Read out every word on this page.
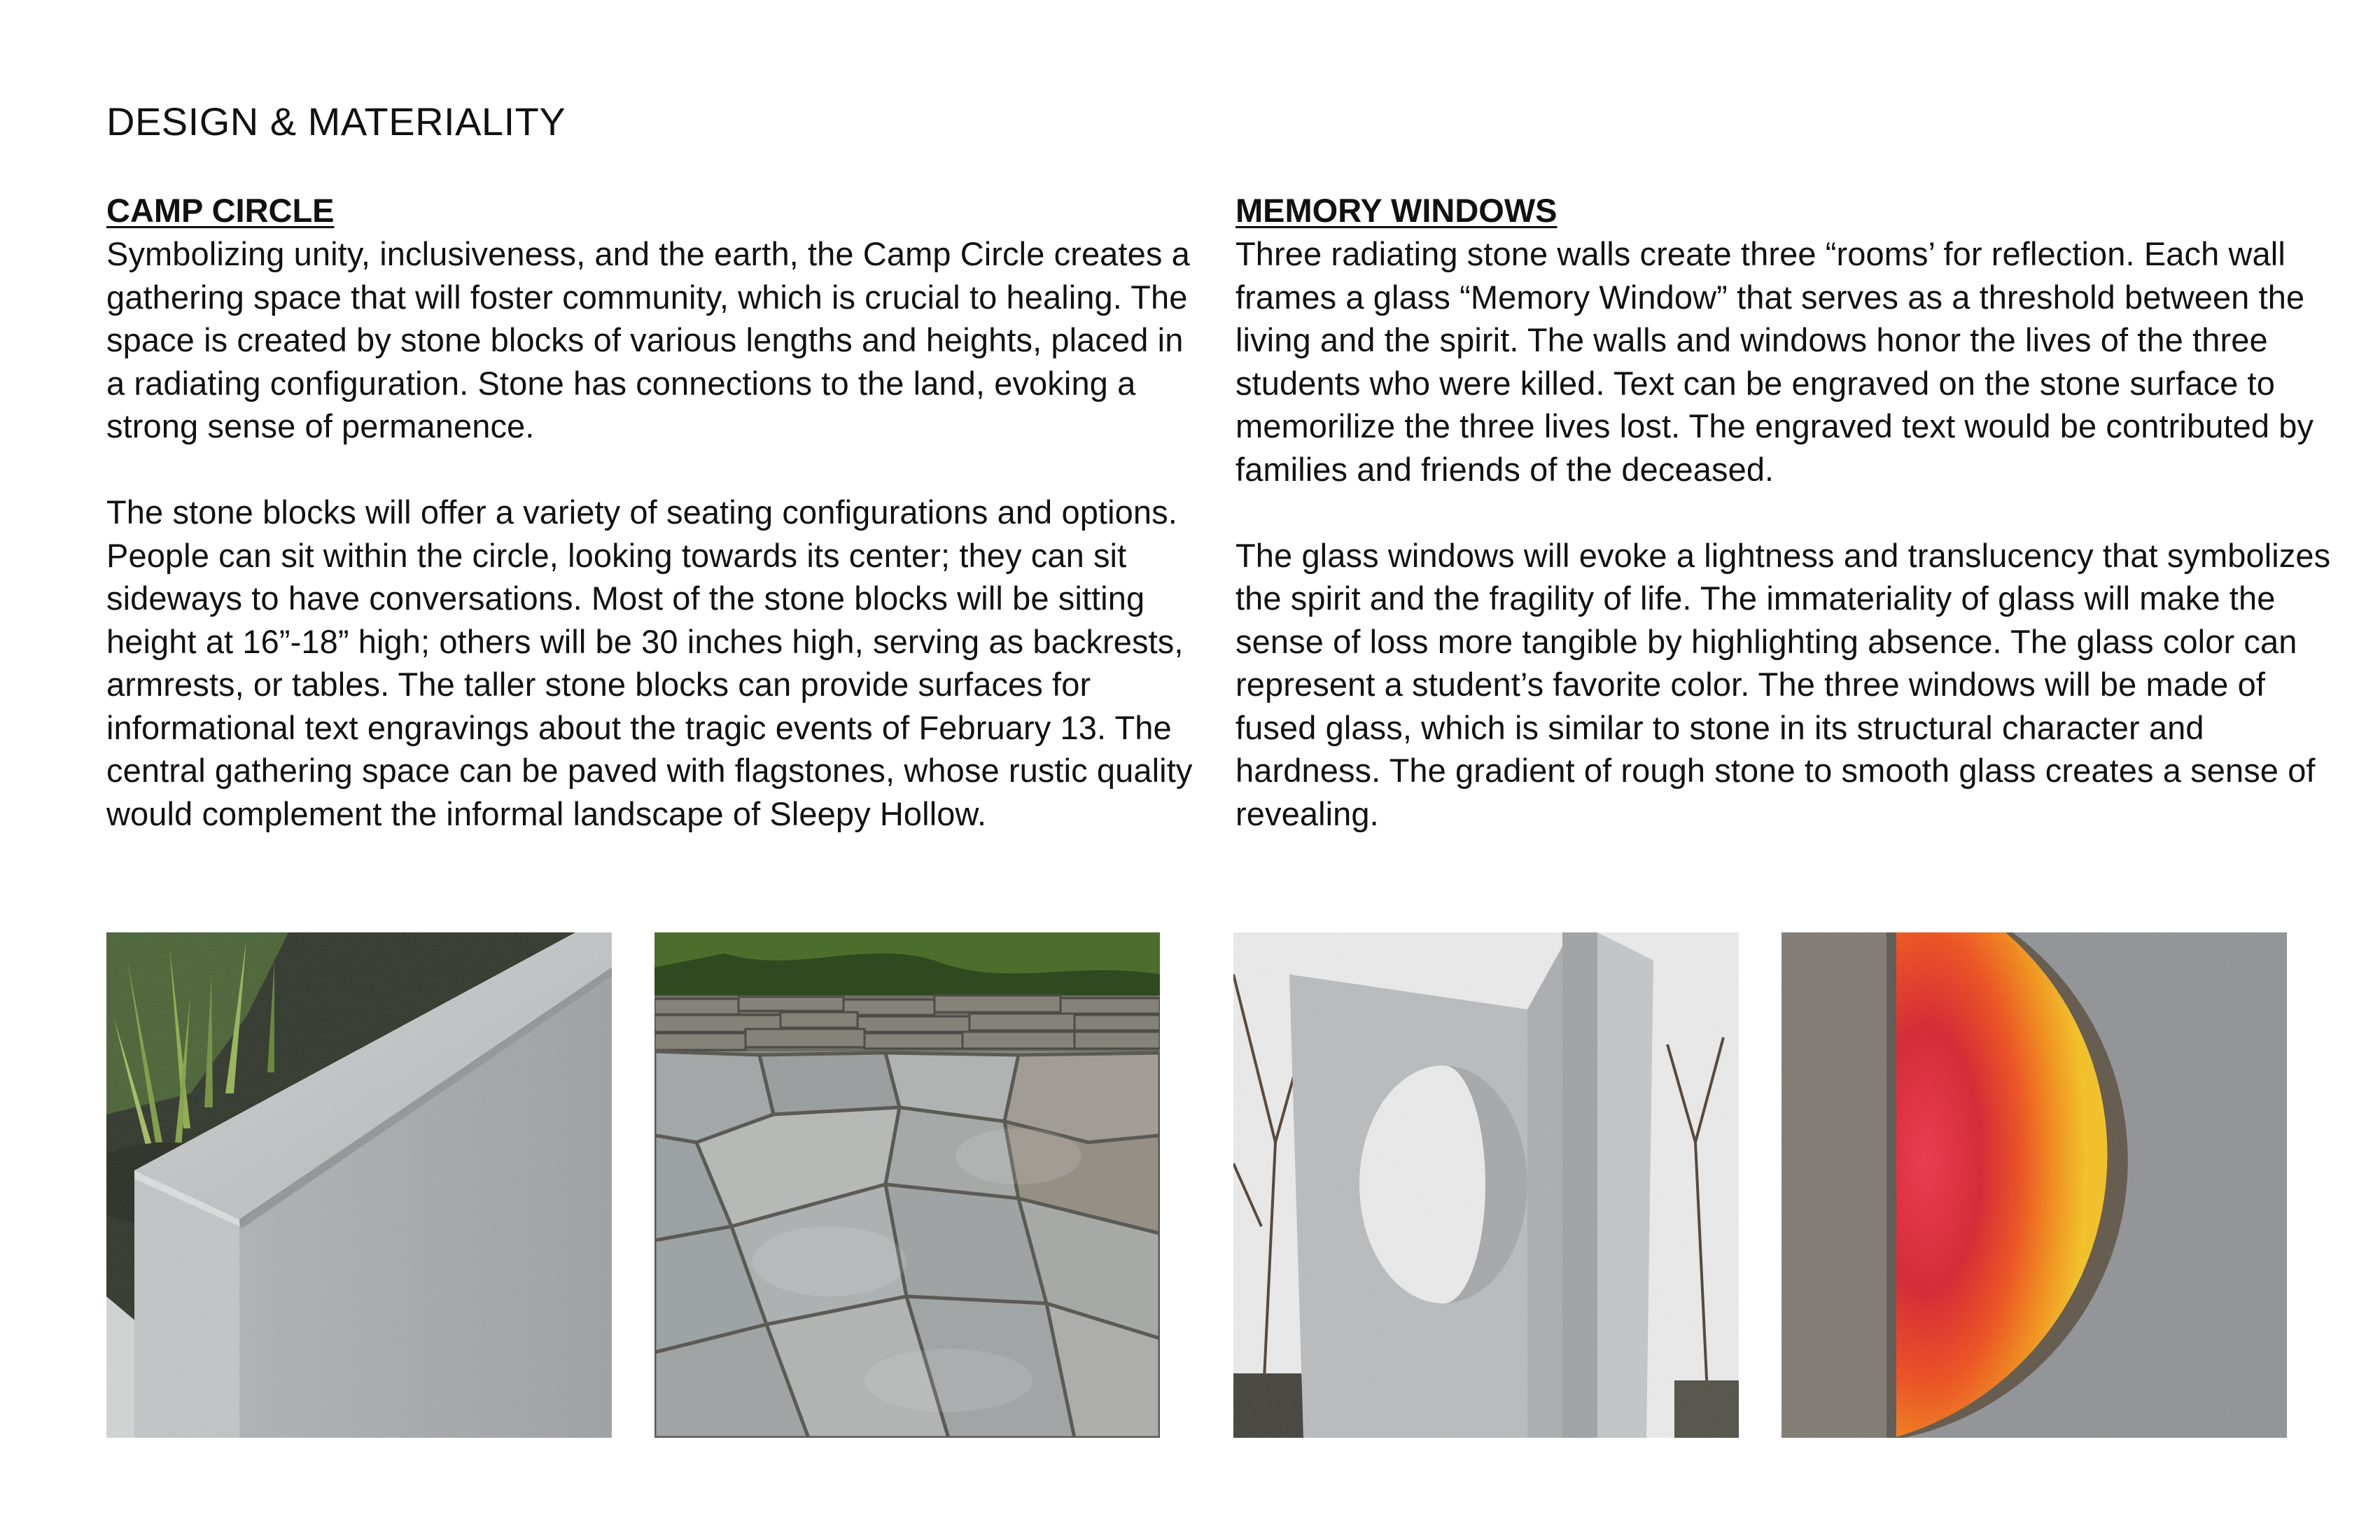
DESIGN & MATERIALITY
CAMP CIRCLE

Symbolizing unity, inclusiveness, and the earth, the Camp Circle creates a gathering space that will foster community, which is crucial to healing. The space is created by stone blocks of various lengths and heights, placed in a radiating configuration. Stone has connections to the land, evoking a strong sense of permanence.

The stone blocks will offer a variety of seating configurations and options. People can sit within the circle, looking towards its center; they can sit sideways to have conversations. Most of the stone blocks will be sitting height at 16”-18” high; others will be 30 inches high, serving as backrests, armrests, or tables. The taller stone blocks can provide surfaces for informational text engravings about the tragic events of February 13. The central gathering space can be paved with flagstones, whose rustic quality would complement the informal landscape of Sleepy Hollow.

MEMORY WINDOWS

Three radiating stone walls create three “rooms’ for reflection. Each wall frames a glass “Memory Window” that serves as a threshold between the living and the spirit. The walls and windows honor the lives of the three students who were killed. Text can be engraved on the stone surface to memorilize the three lives lost. The engraved text would be contributed by families and friends of the deceased.

The glass windows will evoke a lightness and translucency that symbolizes the spirit and the fragility of life. The immateriality of glass will make the sense of loss more tangible by highlighting absence. The glass color can represent a student’s favorite color. The three windows will be made of fused glass, which is similar to stone in its structural character and hardness. The gradient of rough stone to smooth glass creates a sense of revealing.
